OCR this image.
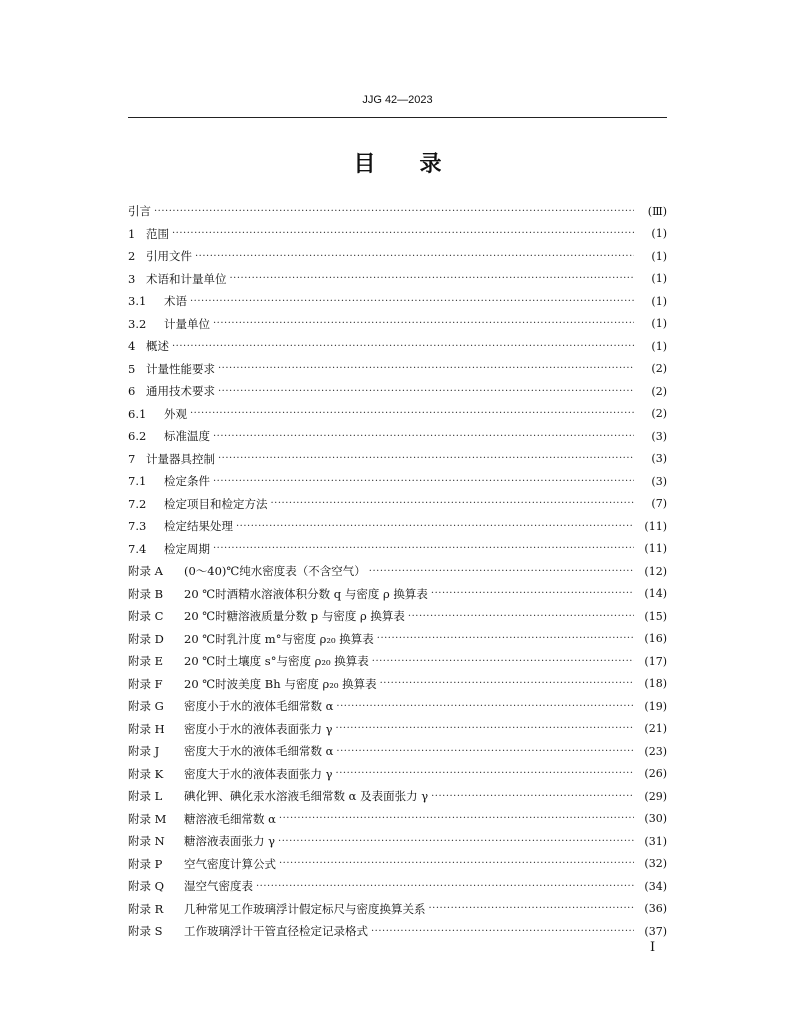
JJG 42—2023
目录
引言 ·····	(Ⅲ)
1 范围 ·····	(1)
2 引用文件 ·····	(1)
3 术语和计量单位 ·····	(1)
3.1	术语 ·····	(1)
3.2	计量单位 ·····	(1)
4 概述 ·····	(1)
5 计量性能要求 ·····	(2)
6 通用技术要求 ·····	(2)
6.1	外观 ·····	(2)
6.2	标准温度 ·····	(3)
7 计量器具控制 ·····	(3)
7.1	检定条件 ·····	(3)
7.2	检定项目和检定方法 ·····	(7)
7.3	检定结果处理 ·····	(11)
7.4	检定周期 ·····	(11)
附录 A	(0～40)℃纯水密度表（不含空气） ·····	(12)
附录 B	20 ℃时酒精水溶液体积分数 q 与密度 ρ 换算表 ·····	(14)
附录 C	20 ℃时糖溶液质量分数 p 与密度 ρ 换算表 ·····	(15)
附录 D	20 ℃时乳汁度 m°与密度 ρ₂₀ 换算表 ·····	(16)
附录 E	20 ℃时土壤度 s°与密度 ρ₂₀ 换算表 ·····	(17)
附录 F	20 ℃时波美度 Bh 与密度 ρ₂₀ 换算表 ·····	(18)
附录 G	密度小于水的液体毛细常数 α ·····	(19)
附录 H	密度小于水的液体表面张力 γ ·····	(21)
附录 J	密度大于水的液体毛细常数 α ·····	(23)
附录 K	密度大于水的液体表面张力 γ ·····	(26)
附录 L	碘化钾、碘化汞水溶液毛细常数 α 及表面张力 γ ·····	(29)
附录 M	糖溶液毛细常数 α ·····	(30)
附录 N	糖溶液表面张力 γ ·····	(31)
附录 P	空气密度计算公式 ·····	(32)
附录 Q	湿空气密度表 ·····	(34)
附录 R	几种常见工作玻璃浮计假定标尺与密度换算关系 ·····	(36)
附录 S	工作玻璃浮计干管直径检定记录格式 ·····	(37)
I
